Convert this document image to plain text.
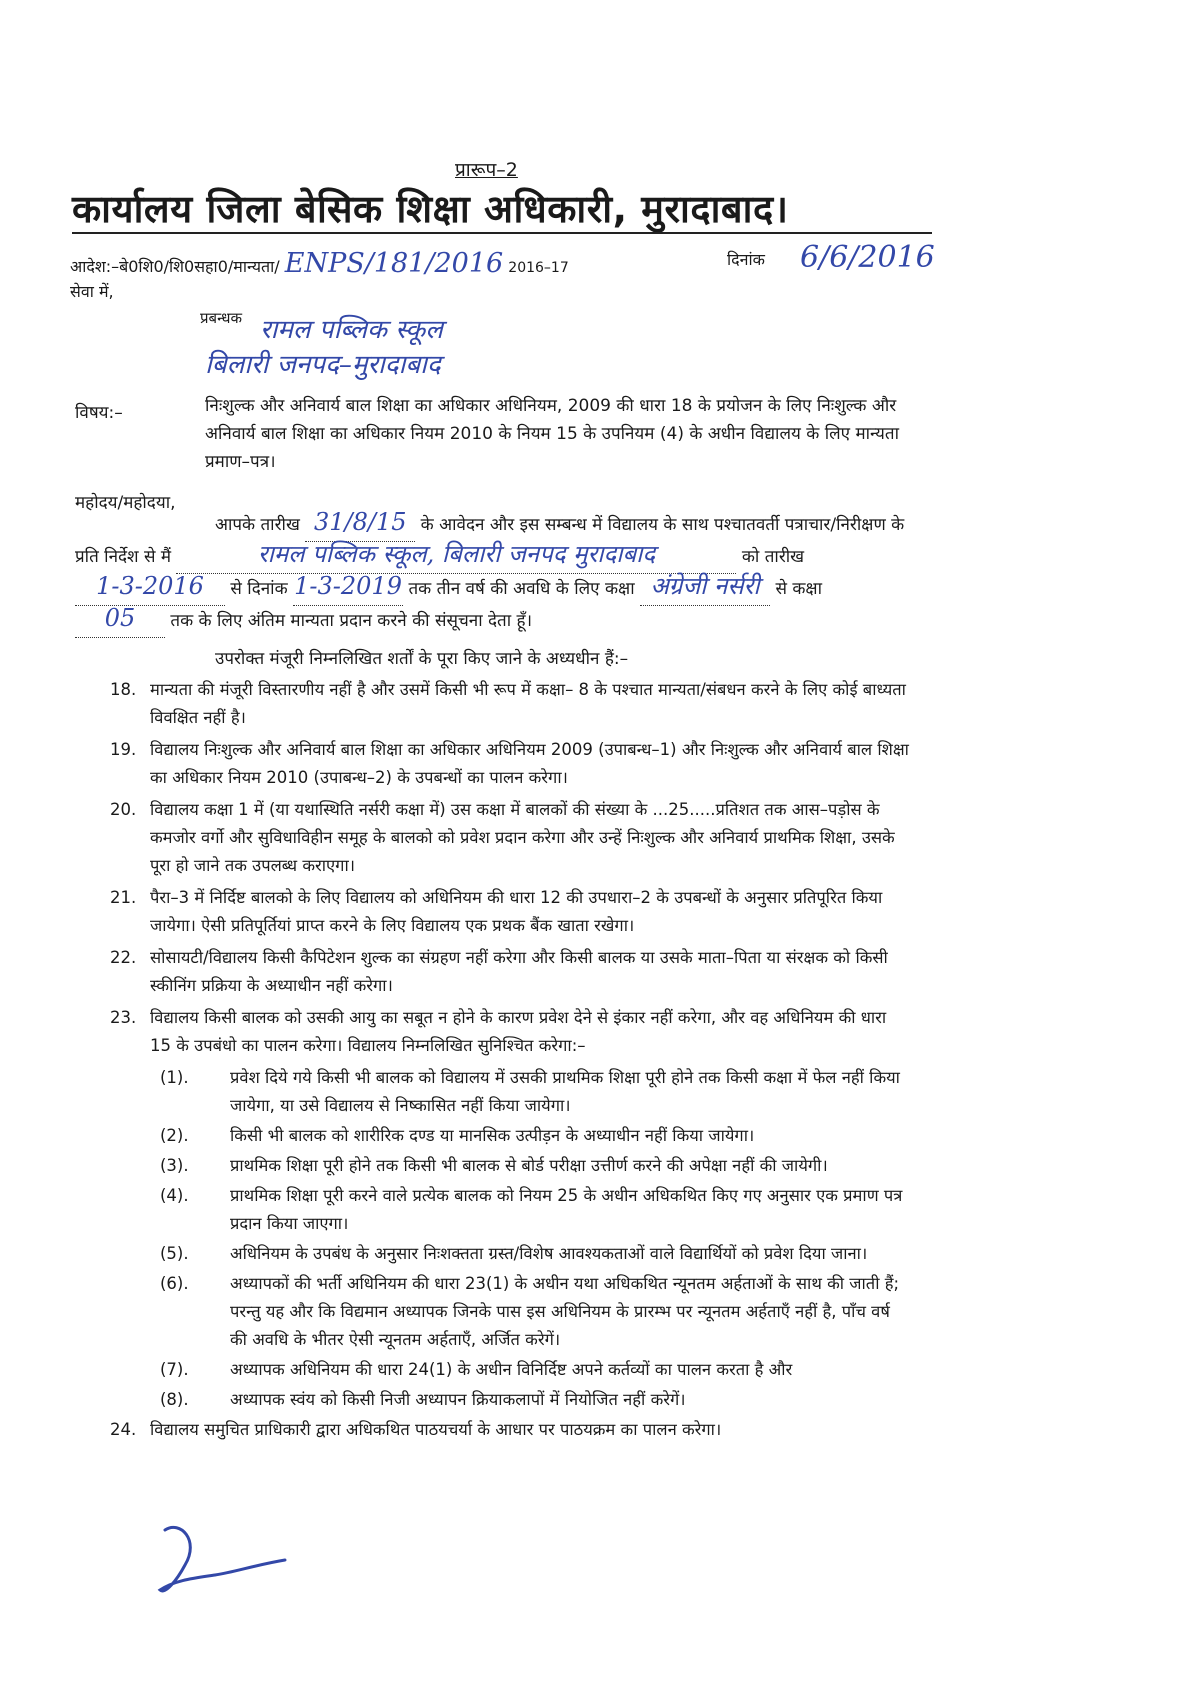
प्रारूप–2
कार्यालय जिला बेसिक शिक्षा अधिकारी, मुरादाबाद।
आदेश:–बे0शि0/शि0सहा0/मान्यता/ ENPS/181/2016 2016–17	दिनांक 6/6/2016
सेवा में,
प्रबन्धक रामल पब्लिक स्कूल
बिलारी जनपद–मुरादाबाद
विषय:–	निःशुल्क और अनिवार्य बाल शिक्षा का अधिकार अधिनियम, 2009 की धारा 18 के प्रयोजन के लिए निःशुल्क और अनिवार्य बाल शिक्षा का अधिकार नियम 2010 के नियम 15 के उपनियम (4) के अधीन विद्यालय के लिए मान्यता प्रमाण–पत्र।
महोदय/महोदया,
आपके तारीख 31/8/15 के आवेदन और इस सम्बन्ध में विद्यालय के साथ पश्चातवर्ती पत्राचार/निरीक्षण के प्रति निर्देश से मैं	रामल पब्लिक स्कूल, बिलारी जनपद मुरादाबाद	को तारीख 1-3-2016 से दिनांक 1-3-2019 तक तीन वर्ष की अवधि के लिए कक्षा अंग्रेजी नर्सरी से कक्षा 05 तक के लिए अंतिम मान्यता प्रदान करने की संसूचना देता हूँ।
उपरोक्त मंजूरी निम्नलिखित शर्तों के पूरा किए जाने के अध्यधीन हैं:–
18. मान्यता की मंजूरी विस्तारणीय नहीं है और उसमें किसी भी रूप में कक्षा– 8 के पश्चात मान्यता/संबधन करने के लिए कोई बाध्यता विवक्षित नहीं है।
19. विद्यालय निःशुल्क और अनिवार्य बाल शिक्षा का अधिकार अधिनियम 2009 (उपाबन्ध–1) और निःशुल्क और अनिवार्य बाल शिक्षा का अधिकार नियम 2010 (उपाबन्ध–2) के उपबन्धों का पालन करेगा।
20. विद्यालय कक्षा 1 में (या यथास्थिति नर्सरी कक्षा में) उस कक्षा में बालकों की संख्या के ...25.....प्रतिशत तक आस–पड़ोस के कमजोर वर्गो और सुविधाविहीन समूह के बालको को प्रवेश प्रदान करेगा और उन्हें निःशुल्क और अनिवार्य प्राथमिक शिक्षा, उसके पूरा हो जाने तक उपलब्ध कराएगा।
21. पैरा–3 में निर्दिष्ट बालको के लिए विद्यालय को अधिनियम की धारा 12 की उपधारा–2 के उपबन्धों के अनुसार प्रतिपूरित किया जायेगा। ऐसी प्रतिपूर्तियां प्राप्त करने के लिए विद्यालय एक प्रथक बैंक खाता रखेगा।
22. सोसायटी/विद्यालय किसी कैपिटेशन शुल्क का संग्रहण नहीं करेगा और किसी बालक या उसके माता–पिता या संरक्षक को किसी स्कीनिंग प्रक्रिया के अध्याधीन नहीं करेगा।
23. विद्यालय किसी बालक को उसकी आयु का सबूत न होने के कारण प्रवेश देने से इंकार नहीं करेगा, और वह अधिनियम की धारा 15 के उपबंधो का पालन करेगा। विद्यालय निम्नलिखित सुनिश्चित करेगा:–
(1).	प्रवेश दिये गये किसी भी बालक को विद्यालय में उसकी प्राथमिक शिक्षा पूरी होने तक किसी कक्षा में फेल नहीं किया जायेगा, या उसे विद्यालय से निष्कासित नहीं किया जायेगा।
(2).	किसी भी बालक को शारीरिक दण्ड या मानसिक उत्पीड़न के अध्याधीन नहीं किया जायेगा।
(3).	प्राथमिक शिक्षा पूरी होने तक किसी भी बालक से बोर्ड परीक्षा उत्तीर्ण करने की अपेक्षा नहीं की जायेगी।
(4).	प्राथमिक शिक्षा पूरी करने वाले प्रत्येक बालक को नियम 25 के अधीन अधिकथित किए गए अनुसार एक प्रमाण पत्र प्रदान किया जाएगा।
(5).	अधिनियम के उपबंध के अनुसार निःशक्तता ग्रस्त/विशेष आवश्यकताओं वाले विद्यार्थियों को प्रवेश दिया जाना।
(6).	अध्यापकों की भर्ती अधिनियम की धारा 23(1) के अधीन यथा अधिकथित न्यूनतम अर्हताओं के साथ की जाती हैं; परन्तु यह और कि विद्यमान अध्यापक जिनके पास इस अधिनियम के प्रारम्भ पर न्यूनतम अर्हताएँ नहीं है, पाँच वर्ष की अवधि के भीतर ऐसी न्यूनतम अर्हताएँ, अर्जित करेगें।
(7).	अध्यापक अधिनियम की धारा 24(1) के अधीन विनिर्दिष्ट अपने कर्तव्यों का पालन करता है और
(8).	अध्यापक स्वंय को किसी निजी अध्यापन क्रियाकलापों में नियोजित नहीं करेगें।
24. विद्यालय समुचित प्राधिकारी द्वारा अधिकथित पाठयचर्या के आधार पर पाठयक्रम का पालन करेगा।
